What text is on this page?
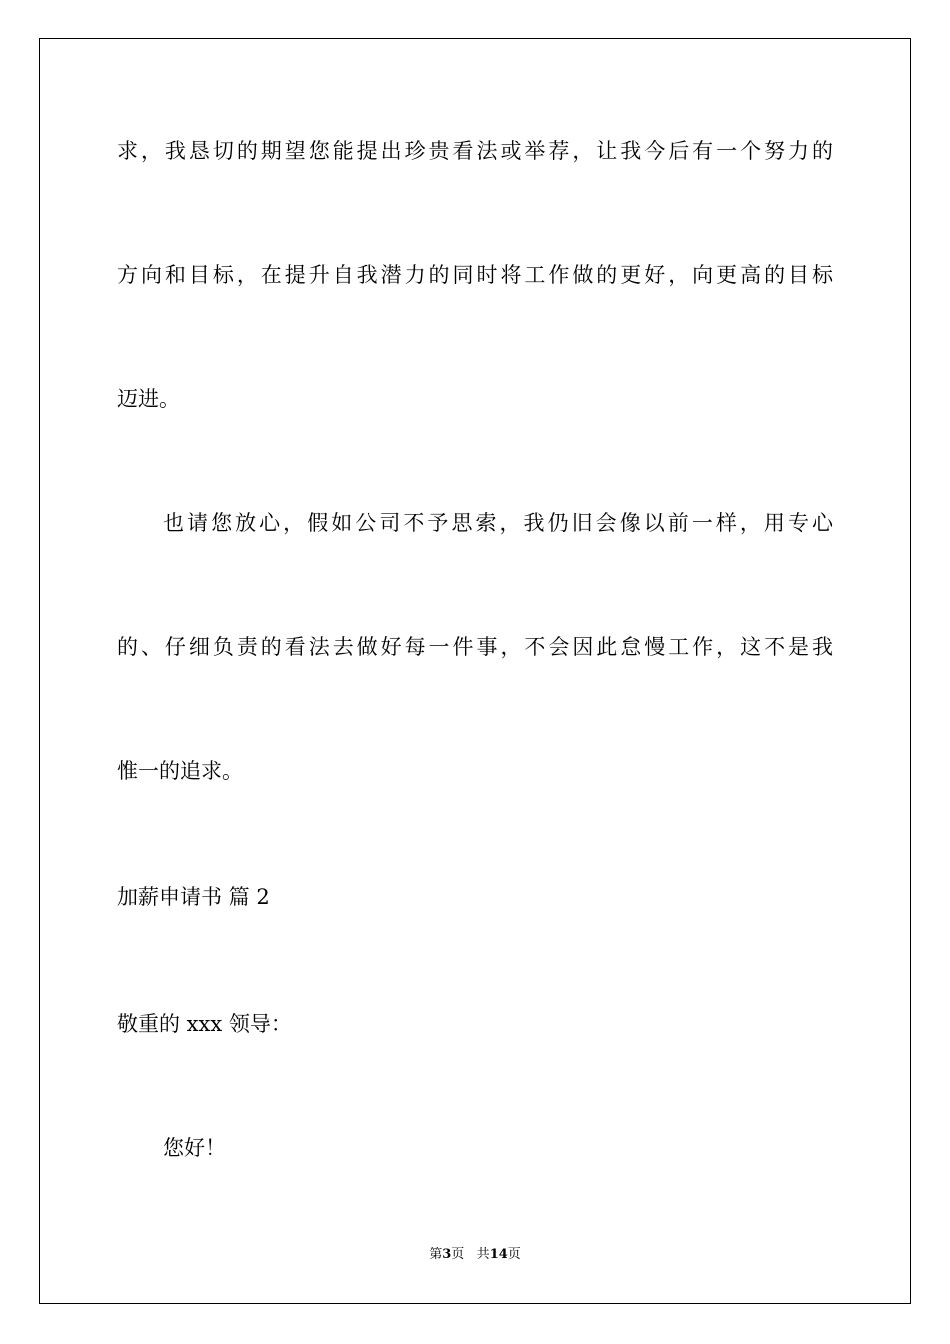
求，我恳切的期望您能提出珍贵看法或举荐，让我今后有一个努力的
方向和目标，在提升自我潜力的同时将工作做的更好，向更高的目标
迈进。
也请您放心，假如公司不予思索，我仍旧会像以前一样，用专心
的、仔细负责的看法去做好每一件事，不会因此怠慢工作，这不是我
惟一的追求。
加薪申请书 篇 2
敬重的 xxx 领导：
您好！
第3页 共14页
